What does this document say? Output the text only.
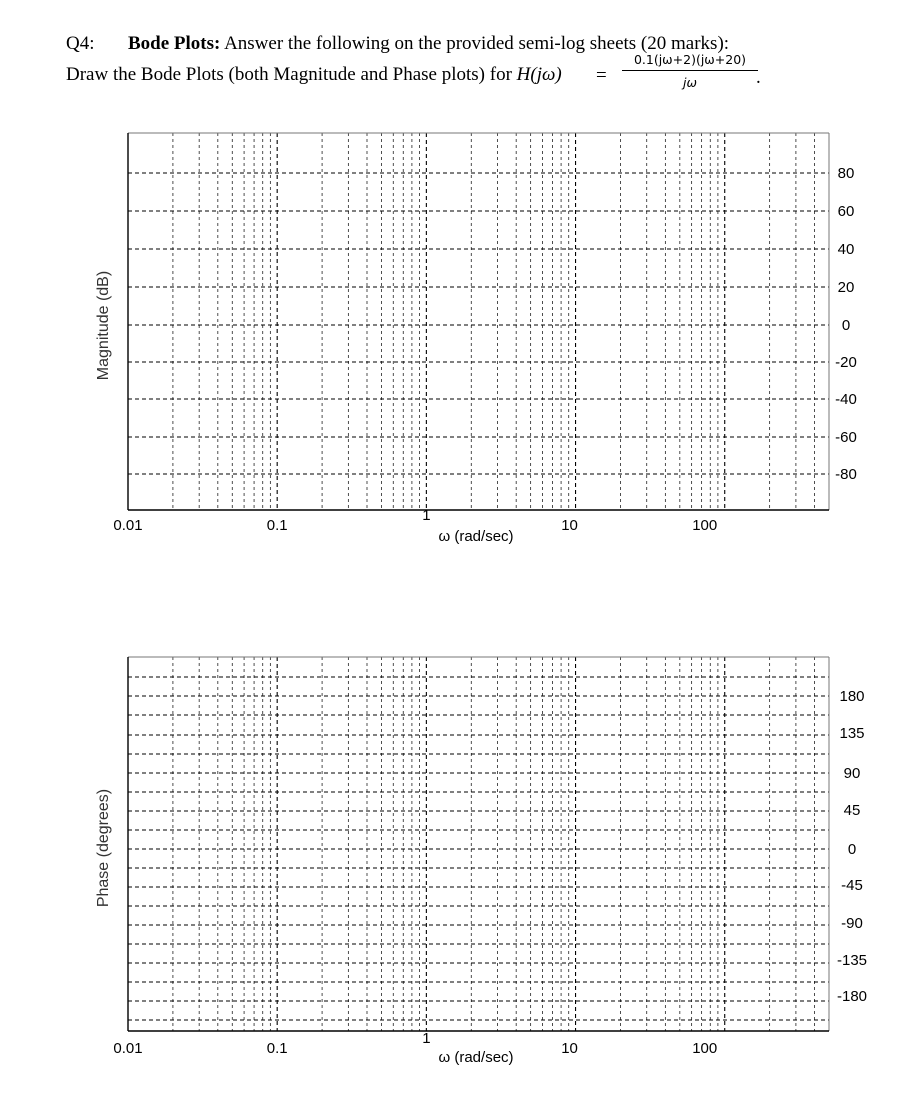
Q4: Bode Plots: Answer the following on the provided semi-log sheets (20 marks):
Draw the Bode Plots (both Magnitude and Phase plots) for $H(j\omega) = \frac{0.1(j\omega+2)(j\omega+20)}{j\omega}$
.
80
60
40
20
0
-20
-40
-60
-80
0.01	0.1
1
10	100
ω (rad/sec)
Magnitude (dB)
180
135
90
45
0
-45
-90
-135
-180
0.01	0.1
1
10	100
ω (rad/sec)
Phase (degrees)
